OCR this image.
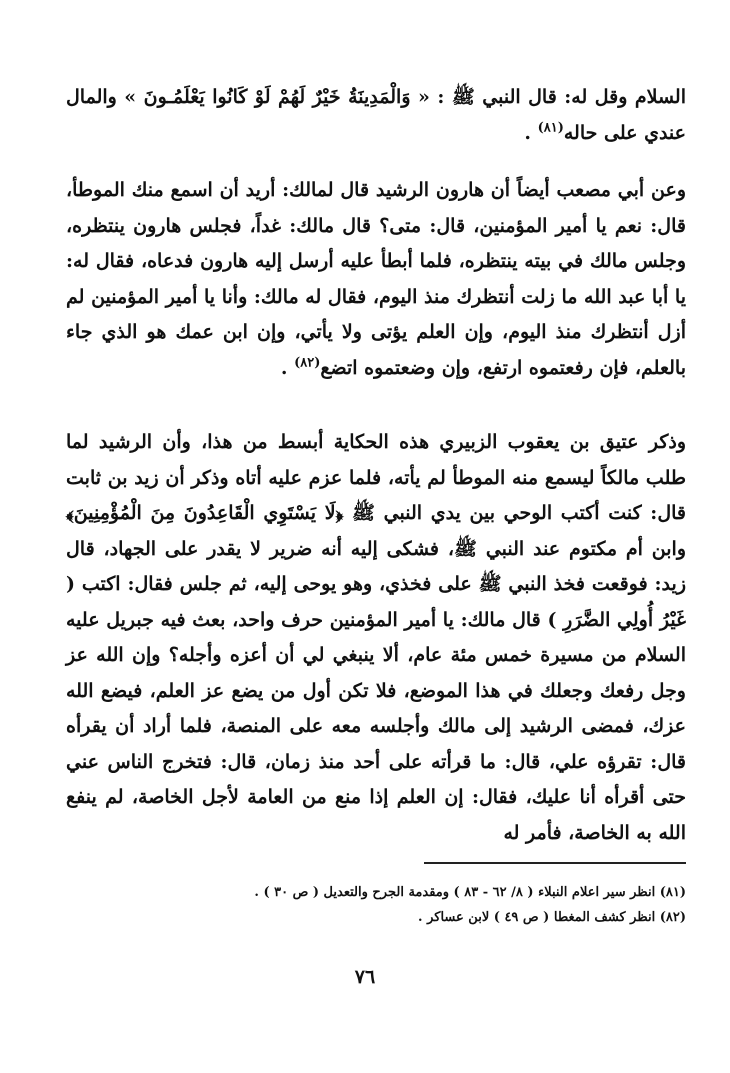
السلام وقل له: قال النبي ﷺ : « وَالْمَدِينَةُ خَيْرٌ لَهُمْ لَوْ كَانُوا يَعْلَمُـونَ » والمال عندي على حاله$^{(٨١)}$ .

وعن أبي مصعب أيضاً أن هارون الرشيد قال لمالك: أريد أن اسمع منك الموطأ، قال: نعم يا أمير المؤمنين، قال: متى؟ قال مالك: غداً، فجلس هارون ينتظره، وجلس مالك في بيته ينتظره، فلما أبطأ عليه أرسل إليه هارون فدعاه، فقال له: يا أبا عبد الله ما زلت أنتظرك منذ اليوم، فقال له مالك: وأنا يا أمير المؤمنين لم أزل أنتظرك منذ اليوم، وإن العلم يؤتى ولا يأتي، وإن ابن عمك هو الذي جاء بالعلم، فإن رفعتموه ارتفع، وإن وضعتموه اتضع$^{(٨٢)}$ .

وذكر عتيق بن يعقوب الزبيري هذه الحكاية أبسط من هذا، وأن الرشيد لما طلب مالكاً ليسمع منه الموطأ لم يأته، فلما عزم عليه أتاه وذكر أن زيد بن ثابت قال: كنت أكتب الوحي بين يدي النبي ﷺ ﴿لَا يَسْتَوِي الْقَاعِدُونَ مِنَ الْمُؤْمِنِينَ﴾ وابن أم مكتوم عند النبي ﷺ، فشكى إليه أنه ضرير لا يقدر على الجهاد، قال زيد: فوقعت فخذ النبي ﷺ على فخذي، وهو يوحى إليه، ثم جلس فقال: اكتب ( غَيْرُ أُولِي الضَّرَرِ ) قال مالك: يا أمير المؤمنين حرف واحد، بعث فيه جبريل عليه السلام من مسيرة خمس مئة عام، ألا ينبغي لي أن أعزه وأجله؟ وإن الله عز وجل رفعك وجعلك في هذا الموضع، فلا تكن أول من يضع عز العلم، فيضع الله عزك، فمضى الرشيد إلى مالك وأجلسه معه على المنصة، فلما أراد أن يقرأه قال: تقرؤه علي، قال: ما قرأته على أحد منذ زمان، قال: فتخرج الناس عني حتى أقرأه أنا عليك، فقال: إن العلم إذا منع من العامة لأجل الخاصة، لم ينفع الله به الخاصة، فأمر له

(٨١) انظر سير اعلام النبلاء ( ٨/ ٦٢ - ٨٣ ) ومقدمة الجرح والتعديل ( ص ٣٠ ) .

(٨٢) انظر كشف المغطا ( ص ٤٩ ) لابن عساكر .

٧٦
